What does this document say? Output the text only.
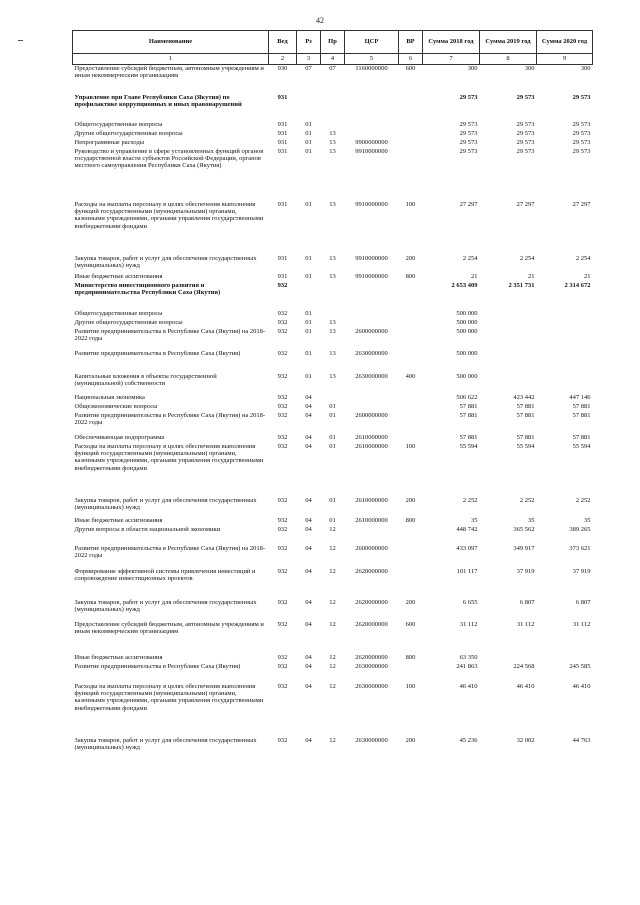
42
Наименование	Вед	Рз	Пр	ЦСР	ВР	Сумма 2018 год	Сумма 2019 год	Сумма 2020 год
1	2	3	4	5	6	7	8	9
Предоставление субсидий бюджетным, автономным учреждениям и иным некоммерческим организациям	930	07	07	1160000000	600	300	300	300

Управление при Главе Республики Саха (Якутия) по профилактике коррупционных и иных правонарушений	931					29 573	29 573	29 573

Общегосударственные вопросы	931	01				29 573	29 573	29 573
Другие общегосударственные вопросы	931	01	13			29 573	29 573	29 573
Непрограммные расходы	931	01	13	9900000000		29 573	29 573	29 573
Руководство и управление в сфере установленных функций органов государственной власти субъектов Российской Федерации, органов местного самоуправления Республики Саха (Якутия)	931	01	13	9910000000		29 573	29 573	29 573

Расходы на выплаты персоналу в целях обеспечения выполнения функций государственными (муниципальными) органами, казенными учреждениями, органами управления государственными внебюджетными фондами	931	01	13	9910000000	100	27 297	27 297	27 297

Закупка товаров, работ и услуг для обеспечения государственных (муниципальных) нужд	931	01	13	9910000000	200	2 254	2 254	2 254
Иные бюджетные ассигнования	931	01	13	9910000000	800	21	21	21
Министерство инвестиционного развития и предпринимательства Республики Саха (Якутия)	932					2 653 409	2 351 731	2 314 672

Общегосударственные вопросы	932	01				500 000		
Другие общегосударственные вопросы	932	01	13			500 000		
Развитие предпринимательства в Республике Саха (Якутия) на 2018-2022 годы	932	01	13	2600000000		500 000		

Развитие предпринимательства в Республике Саха (Якутия)	932	01	13	2630000000		500 000		

Капитальные вложения в объекты государственной (муниципальной) собственности	932	01	13	2630000000	400	500 000		

Национальная экономика	932	04				506 622	423 442	447 146
Общеэкономические вопросы	932	04	01			57 881	57 881	57 881
Развитие предпринимательства в Республике Саха (Якутия) на 2018-2022 годы	932	04	01	2600000000		57 881	57 881	57 881

Обеспечивающая подпрограмма	932	04	01	2610000000		57 881	57 881	57 881
Расходы на выплаты персоналу в целях обеспечения выполнения функций государственными (муниципальными) органами, казенными учреждениями, органами управления государственными внебюджетными фондами	932	04	01	2610000000	100	55 594	55 594	55 594

Закупка товаров, работ и услуг для обеспечения государственных (муниципальных) нужд	932	04	01	2610000000	200	2 252	2 252	2 252

Иные бюджетные ассигнования	932	04	01	2610000000	800	35	35	35
Другие вопросы в области национальной экономики	932	04	12			448 742	365 562	389 265

Развитие предпринимательства в Республике Саха (Якутия) на 2018-2022 годы	932	04	12	2600000000		433 097	349 917	373 621

Формирование эффективной системы привлечения инвестиций и сопровождение инвестиционных проектов	932	04	12	2620000000		101 117	37 919	37 919

Закупка товаров, работ и услуг для обеспечения государственных (муниципальных) нужд	932	04	12	2620000000	200	6 655	6 807	6 807

Предоставление субсидий бюджетным, автономным учреждениям и иным некоммерческим организациям	932	04	12	2620000000	600	31 112	31 112	31 112

Иные бюджетные ассигнования	932	04	12	2620000000	800	63 350		
Развитие предпринимательства в Республике Саха (Якутия)	932	04	12	2630000000		241 863	224 568	245 585

Расходы на выплаты персоналу в целях обеспечения выполнения функций государственными (муниципальными) органами, казенными учреждениями, органами управления государственными внебюджетными фондами	932	04	12	2630000000	100	46 410	46 410	46 410

Закупка товаров, работ и услуг для обеспечения государственных (муниципальных) нужд	932	04	12	2630000000	200	45 236	32 002	44 763
